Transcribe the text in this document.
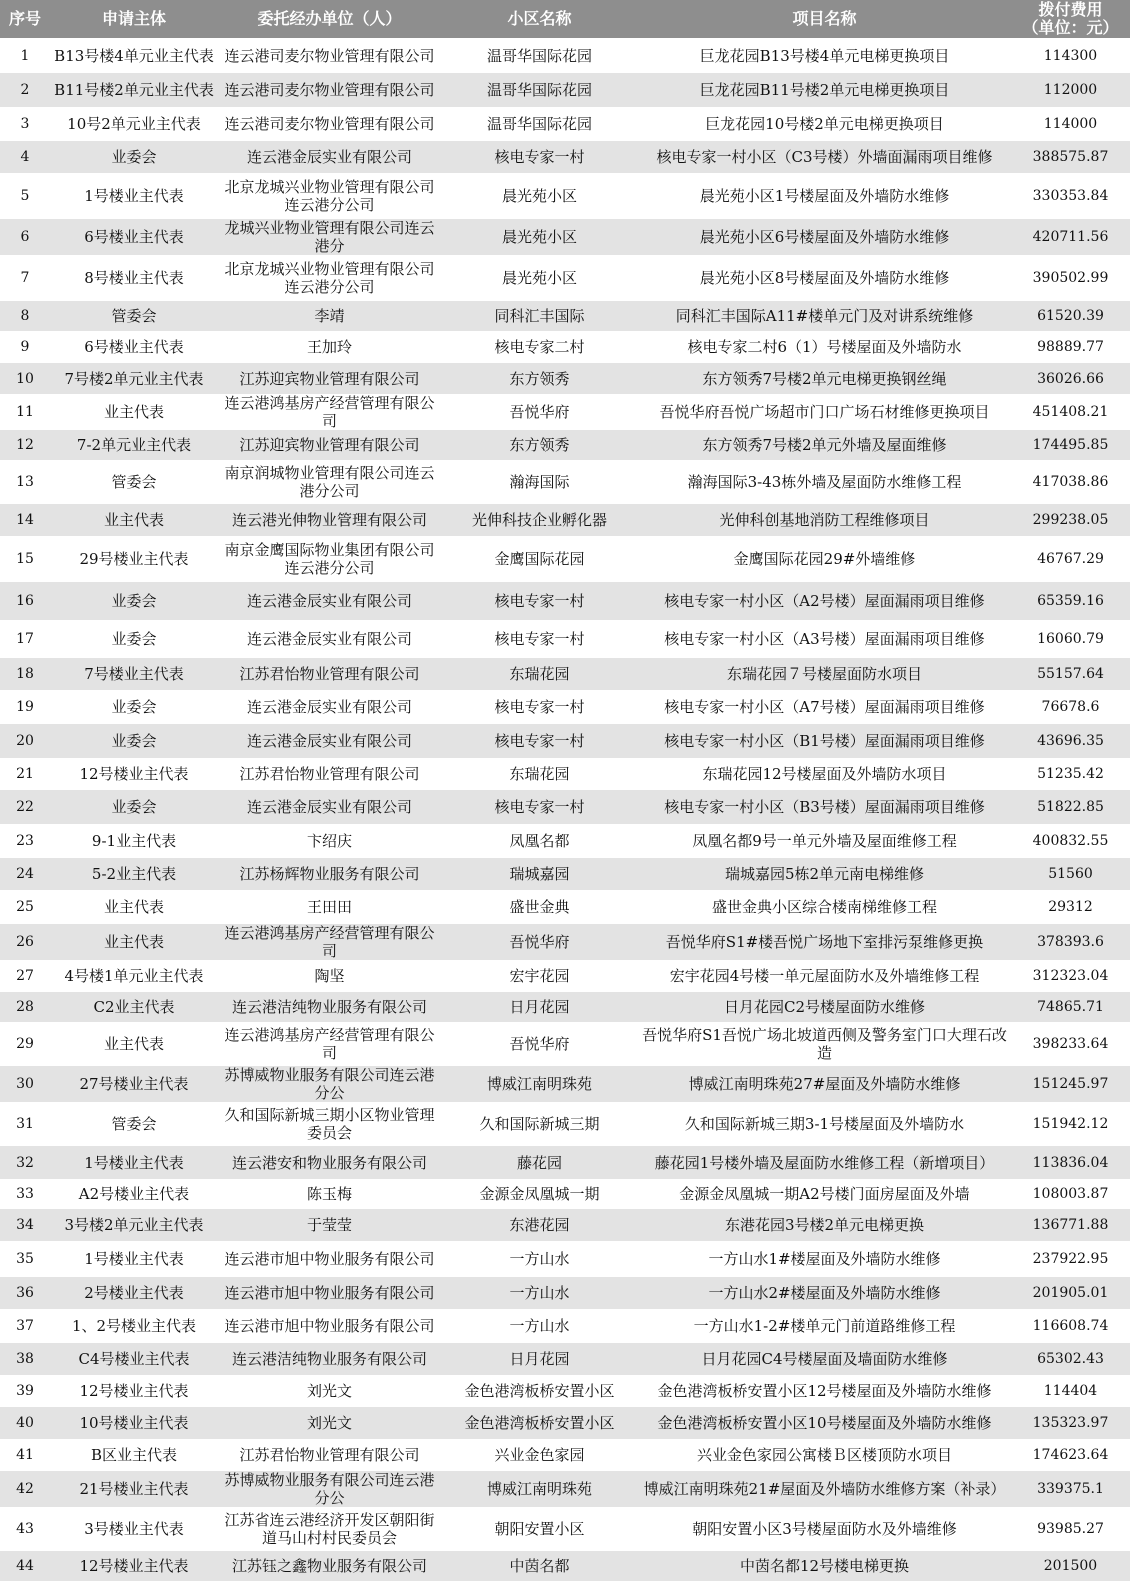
序号	申请主体	委托经办单位（人）	小区名称	项目名称	拨付费用
（单位：元）
1	B13号楼4单元业主代表	连云港司麦尔物业管理有限公司	温哥华国际花园	巨龙花园B13号楼4单元电梯更换项目	114300
2	B11号楼2单元业主代表	连云港司麦尔物业管理有限公司	温哥华国际花园	巨龙花园B11号楼2单元电梯更换项目	112000
3	10号2单元业主代表	连云港司麦尔物业管理有限公司	温哥华国际花园	巨龙花园10号楼2单元电梯更换项目	114000
4	业委会	连云港金辰实业有限公司	核电专家一村	核电专家一村小区（C3号楼）外墙面漏雨项目维修	388575.87
5	1号楼业主代表	北京龙城兴业物业管理有限公司连云港分公司	晨光苑小区	晨光苑小区1号楼屋面及外墙防水维修	330353.84
6	6号楼业主代表	龙城兴业物业管理有限公司连云港分	晨光苑小区	晨光苑小区6号楼屋面及外墙防水维修	420711.56
7	8号楼业主代表	北京龙城兴业物业管理有限公司连云港分公司	晨光苑小区	晨光苑小区8号楼屋面及外墙防水维修	390502.99
8	管委会	李靖	同科汇丰国际	同科汇丰国际A11#楼单元门及对讲系统维修	61520.39
9	6号楼业主代表	王加玲	核电专家二村	核电专家二村6（1）号楼屋面及外墙防水	98889.77
10	7号楼2单元业主代表	江苏迎宾物业管理有限公司	东方领秀	东方领秀7号楼2单元电梯更换钢丝绳	36026.66
11	业主代表	连云港鸿基房产经营管理有限公司	吾悦华府	吾悦华府吾悦广场超市门口广场石材维修更换项目	451408.21
12	7-2单元业主代表	江苏迎宾物业管理有限公司	东方领秀	东方领秀7号楼2单元外墙及屋面维修	174495.85
13	管委会	南京润城物业管理有限公司连云港分公司	瀚海国际	瀚海国际3-43栋外墙及屋面防水维修工程	417038.86
14	业主代表	连云港光伸物业管理有限公司	光伸科技企业孵化器	光伸科创基地消防工程维修项目	299238.05
15	29号楼业主代表	南京金鹰国际物业集团有限公司连云港分公司	金鹰国际花园	金鹰国际花园29#外墙维修	46767.29
16	业委会	连云港金辰实业有限公司	核电专家一村	核电专家一村小区（A2号楼）屋面漏雨项目维修	65359.16
17	业委会	连云港金辰实业有限公司	核电专家一村	核电专家一村小区（A3号楼）屋面漏雨项目维修	16060.79
18	7号楼业主代表	江苏君怡物业管理有限公司	东瑞花园	东瑞花园７号楼屋面防水项目	55157.64
19	业委会	连云港金辰实业有限公司	核电专家一村	核电专家一村小区（A7号楼）屋面漏雨项目维修	76678.6
20	业委会	连云港金辰实业有限公司	核电专家一村	核电专家一村小区（B1号楼）屋面漏雨项目维修	43696.35
21	12号楼业主代表	江苏君怡物业管理有限公司	东瑞花园	东瑞花园12号楼屋面及外墙防水项目	51235.42
22	业委会	连云港金辰实业有限公司	核电专家一村	核电专家一村小区（B3号楼）屋面漏雨项目维修	51822.85
23	9-1业主代表	卞绍庆	凤凰名都	凤凰名都9号一单元外墙及屋面维修工程	400832.55
24	5-2业主代表	江苏杨辉物业服务有限公司	瑞城嘉园	瑞城嘉园5栋2单元南电梯维修	51560
25	业主代表	王田田	盛世金典	盛世金典小区综合楼南梯维修工程	29312
26	业主代表	连云港鸿基房产经营管理有限公司	吾悦华府	吾悦华府S1#楼吾悦广场地下室排污泵维修更换	378393.6
27	4号楼1单元业主代表	陶坚	宏宇花园	宏宇花园4号楼一单元屋面防水及外墙维修工程	312323.04
28	C2业主代表	连云港洁纯物业服务有限公司	日月花园	日月花园C2号楼屋面防水维修	74865.71
29	业主代表	连云港鸿基房产经营管理有限公司	吾悦华府	吾悦华府S1吾悦广场北坡道西侧及警务室门口大理石改造	398233.64
30	27号楼业主代表	苏博威物业服务有限公司连云港分公	博威江南明珠苑	博威江南明珠苑27#屋面及外墙防水维修	151245.97
31	管委会	久和国际新城三期小区物业管理委员会	久和国际新城三期	久和国际新城三期3-1号楼屋面及外墙防水	151942.12
32	1号楼业主代表	连云港安和物业服务有限公司	藤花园	藤花园1号楼外墙及屋面防水维修工程（新增项目）	113836.04
33	A2号楼业主代表	陈玉梅	金源金凤凰城一期	金源金凤凰城一期A2号楼门面房屋面及外墙	108003.87
34	3号楼2单元业主代表	于莹莹	东港花园	东港花园3号楼2单元电梯更换	136771.88
35	1号楼业主代表	连云港市旭中物业服务有限公司	一方山水	一方山水1#楼屋面及外墙防水维修	237922.95
36	2号楼业主代表	连云港市旭中物业服务有限公司	一方山水	一方山水2#楼屋面及外墙防水维修	201905.01
37	1、2号楼业主代表	连云港市旭中物业服务有限公司	一方山水	一方山水1-2#楼单元门前道路维修工程	116608.74
38	C4号楼业主代表	连云港洁纯物业服务有限公司	日月花园	日月花园C4号楼屋面及墙面防水维修	65302.43
39	12号楼业主代表	刘光文	金色港湾板桥安置小区	金色港湾板桥安置小区12号楼屋面及外墙防水维修	114404
40	10号楼业主代表	刘光文	金色港湾板桥安置小区	金色港湾板桥安置小区10号楼屋面及外墙防水维修	135323.97
41	B区业主代表	江苏君怡物业管理有限公司	兴业金色家园	兴业金色家园公寓楼Ｂ区楼顶防水项目	174623.64
42	21号楼业主代表	苏博威物业服务有限公司连云港分公	博威江南明珠苑	博威江南明珠苑21#屋面及外墙防水维修方案（补录）	339375.1
43	3号楼业主代表	江苏省连云港经济开发区朝阳街道马山村村民委员会	朝阳安置小区	朝阳安置小区3号楼屋面防水及外墙维修	93985.27
44	12号楼业主代表	江苏钰之鑫物业服务有限公司	中茵名都	中茵名都12号楼电梯更换	201500
